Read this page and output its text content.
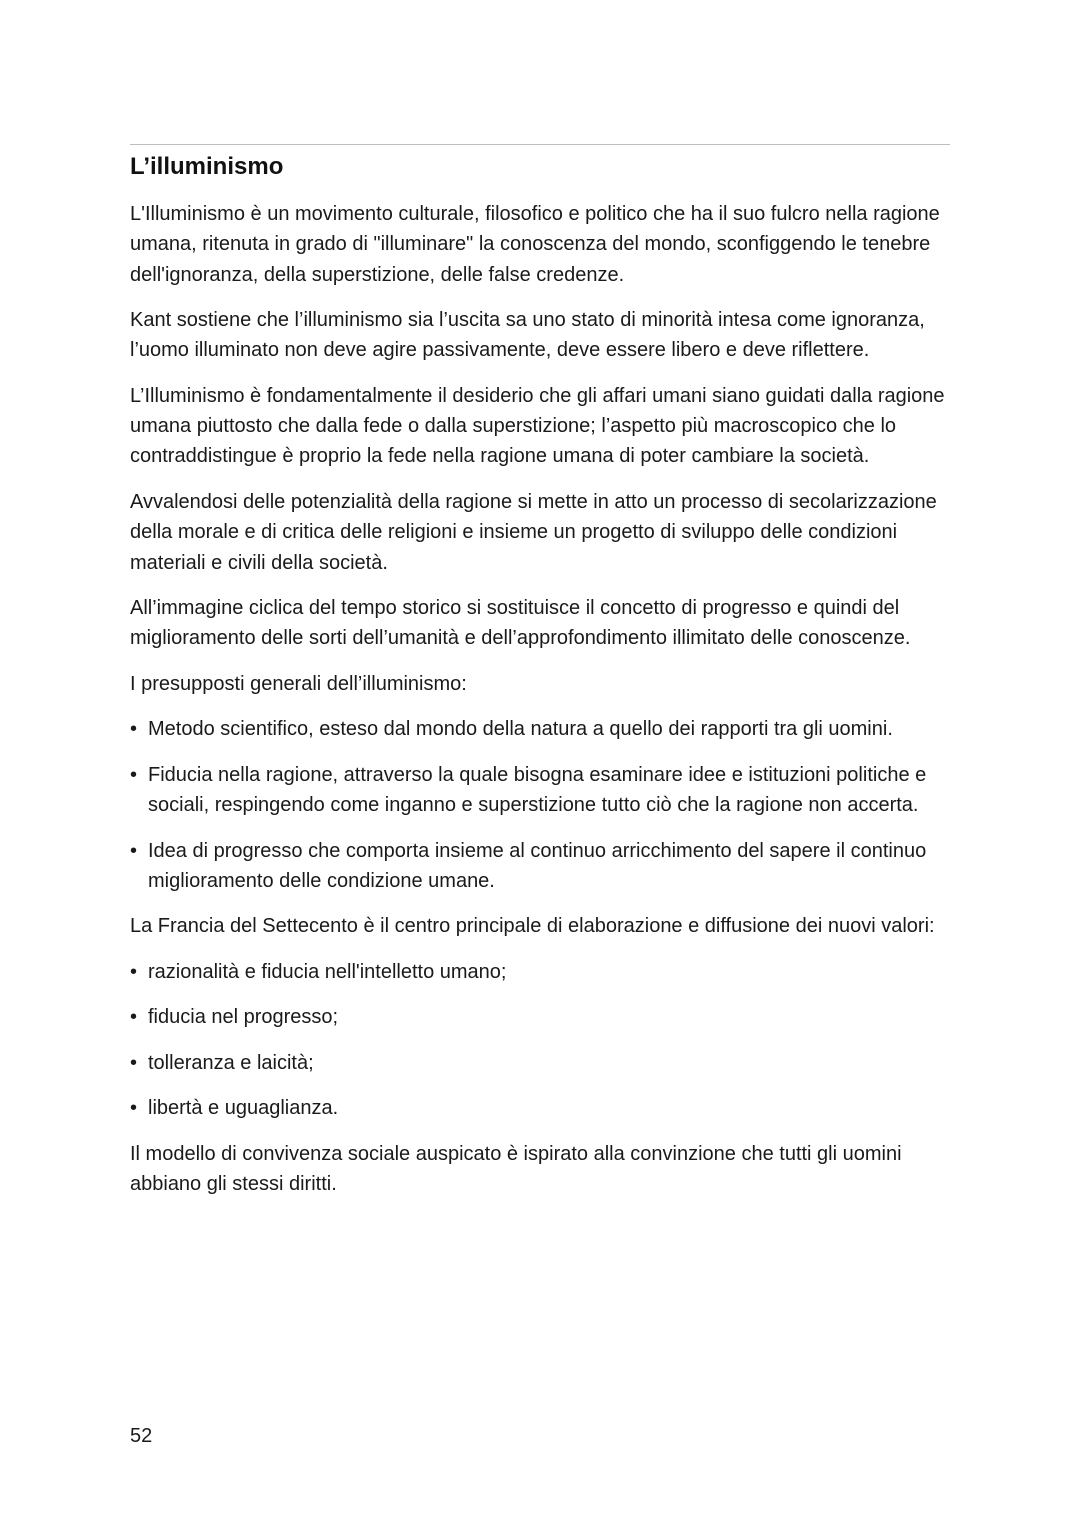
L’illuminismo

L'Illuminismo è un movimento culturale, filosofico e politico che ha il suo fulcro nella ragione umana, ritenuta in grado di "illuminare" la conoscenza del mondo, sconfiggendo le tenebre dell'ignoranza, della superstizione, delle false credenze.

Kant sostiene che l’illuminismo sia l’uscita sa uno stato di minorità intesa come ignoranza, l’uomo illuminato non deve agire passivamente, deve essere libero e deve riflettere.

L’Illuminismo è fondamentalmente il desiderio che gli affari umani siano guidati dalla ragione umana piuttosto che dalla fede o dalla superstizione; l’aspetto più macroscopico che lo contraddistingue è proprio la fede nella ragione umana di poter cambiare la società.

Avvalendosi delle potenzialità della ragione si mette in atto un processo di secolarizzazione della morale e di critica delle religioni e insieme un progetto di sviluppo delle condizioni materiali e civili della società.

All’immagine ciclica del tempo storico si sostituisce il concetto di progresso e quindi del miglioramento delle sorti dell’umanità e dell’approfondimento illimitato delle conoscenze.

I presupposti generali dell’illuminismo:

• Metodo scientifico, esteso dal mondo della natura a quello dei rapporti tra gli uomini.
• Fiducia nella ragione, attraverso la quale bisogna esaminare idee e istituzioni politiche e sociali, respingendo come inganno e superstizione tutto ciò che la ragione non accerta.
• Idea di progresso che comporta insieme al continuo arricchimento del sapere il continuo miglioramento delle condizione umane.

La Francia del Settecento è il centro principale di elaborazione e diffusione dei nuovi valori:

• razionalità e fiducia nell'intelletto umano;
• fiducia nel progresso;
• tolleranza e laicità;
• libertà e uguaglianza.

Il modello di convivenza sociale auspicato è ispirato alla convinzione che tutti gli uomini abbiano gli stessi diritti.

52
